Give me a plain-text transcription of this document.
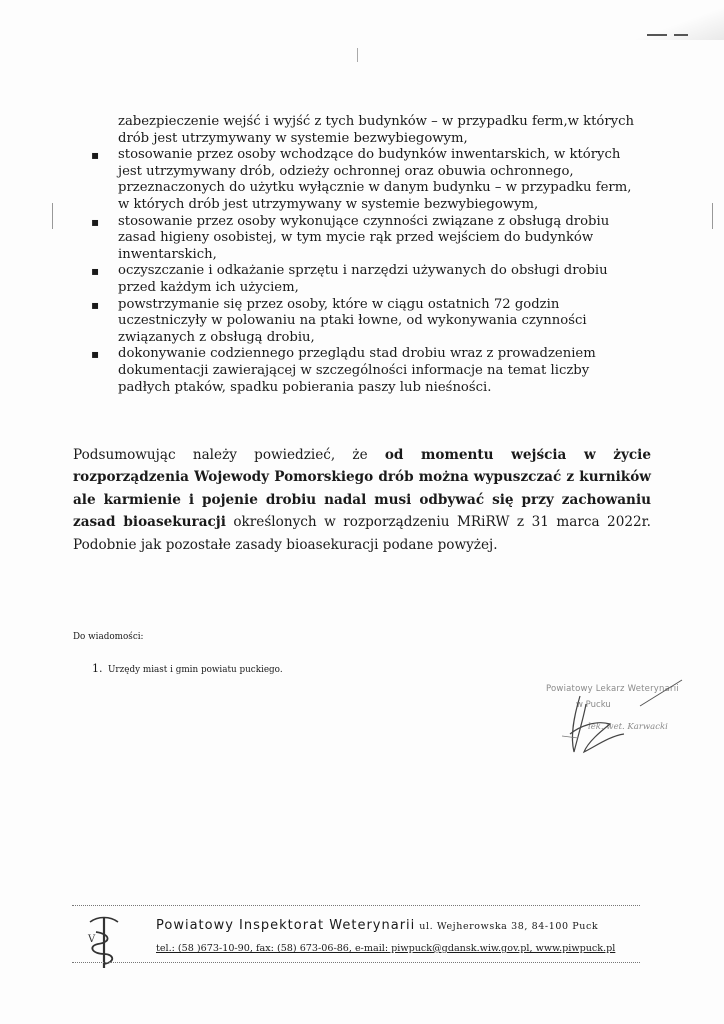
zabezpieczenie wejść i wyjść z tych budynków – w przypadku ferm,w których drób jest utrzymywany w systemie bezwybiegowym,

▪ stosowanie przez osoby wchodzące do budynków inwentarskich, w których jest utrzymywany drób, odzieży ochronnej oraz obuwia ochronnego, przeznaczonych do użytku wyłącznie w danym budynku – w przypadku ferm, w których drób jest utrzymywany w systemie bezwybiegowym,
▪ stosowanie przez osoby wykonujące czynności związane z obsługą drobiu zasad higieny osobistej, w tym mycie rąk przed wejściem do budynków inwentarskich,
▪ oczyszczanie i odkażanie sprzętu i narzędzi używanych do obsługi drobiu przed każdym ich użyciem,
▪ powstrzymanie się przez osoby, które w ciągu ostatnich 72 godzin uczestniczyły w polowaniu na ptaki łowne, od wykonywania czynności związanych z obsługą drobiu,
▪ dokonywanie codziennego przeglądu stad drobiu wraz z prowadzeniem dokumentacji zawierającej w szczególności informacje na temat liczby padłych ptaków, spadku pobierania paszy lub nieśności.

Podsumowując należy powiedzieć, że od momentu wejścia w życie rozporządzenia Wojewody Pomorskiego drób można wypuszczać z kurników ale karmienie i pojenie drobiu nadal musi odbywać się przy zachowaniu zasad bioasekuracji określonych w rozporządzeniu MRiRW z 31 marca 2022r. Podobnie jak pozostałe zasady bioasekuracji podane powyżej.

Do wiadomości:

1. Urzędy miast i gmin powiatu puckiego.

Powiatowy Lekarz Weterynarii
w Pucku
lek. wet. Karwacki
V

Powiatowy Inspektorat Weterynarii ul. Wejherowska 38, 84-100 Puck

tel.: (58 )673-10-90, fax: (58) 673-06-86, e-mail: piwpuck@gdansk.wiw.gov.pl, www.piwpuck.pl
